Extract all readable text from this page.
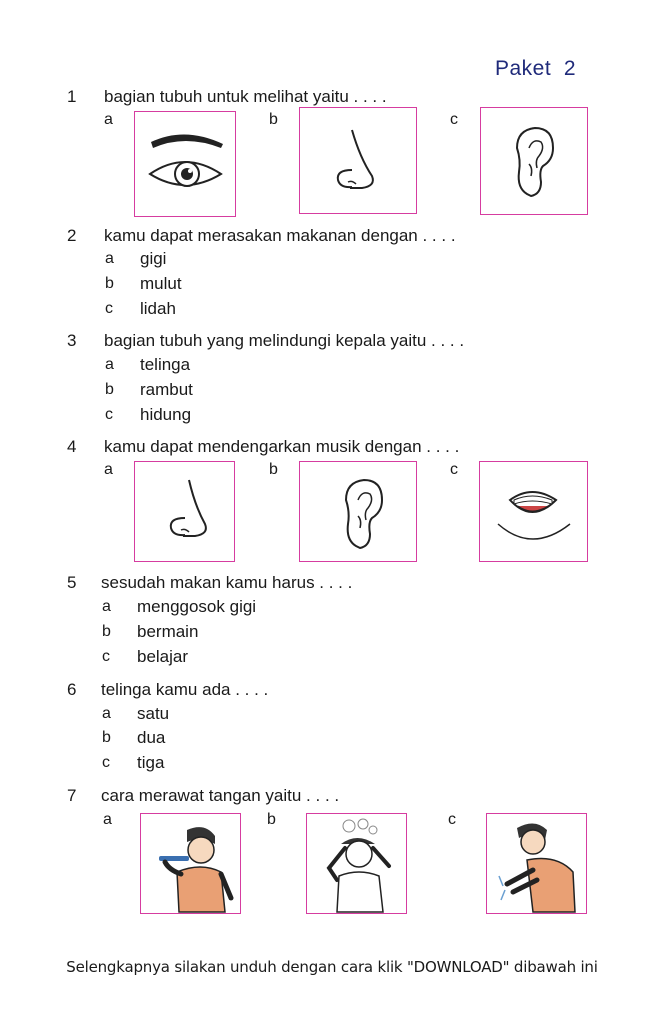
Paket  2
1 bagian tubuh untuk melihat yaitu . . . .
a	b	c
2 kamu dapat merasakan makanan dengan . . . .
a gigi
b mulut
c lidah
3 bagian tubuh yang melindungi kepala yaitu . . . .
a telinga
b rambut
c hidung
4 kamu dapat mendengarkan musik dengan . . . .
a	b	c
5 sesudah makan kamu harus . . . .
a menggosok gigi
b bermain
c belajar
6 telinga kamu ada . . . .
a satu
b dua
c tiga
7 cara merawat tangan yaitu . . . .
a	b	c
Selengkapnya silakan unduh dengan cara klik "DOWNLOAD" dibawah ini
